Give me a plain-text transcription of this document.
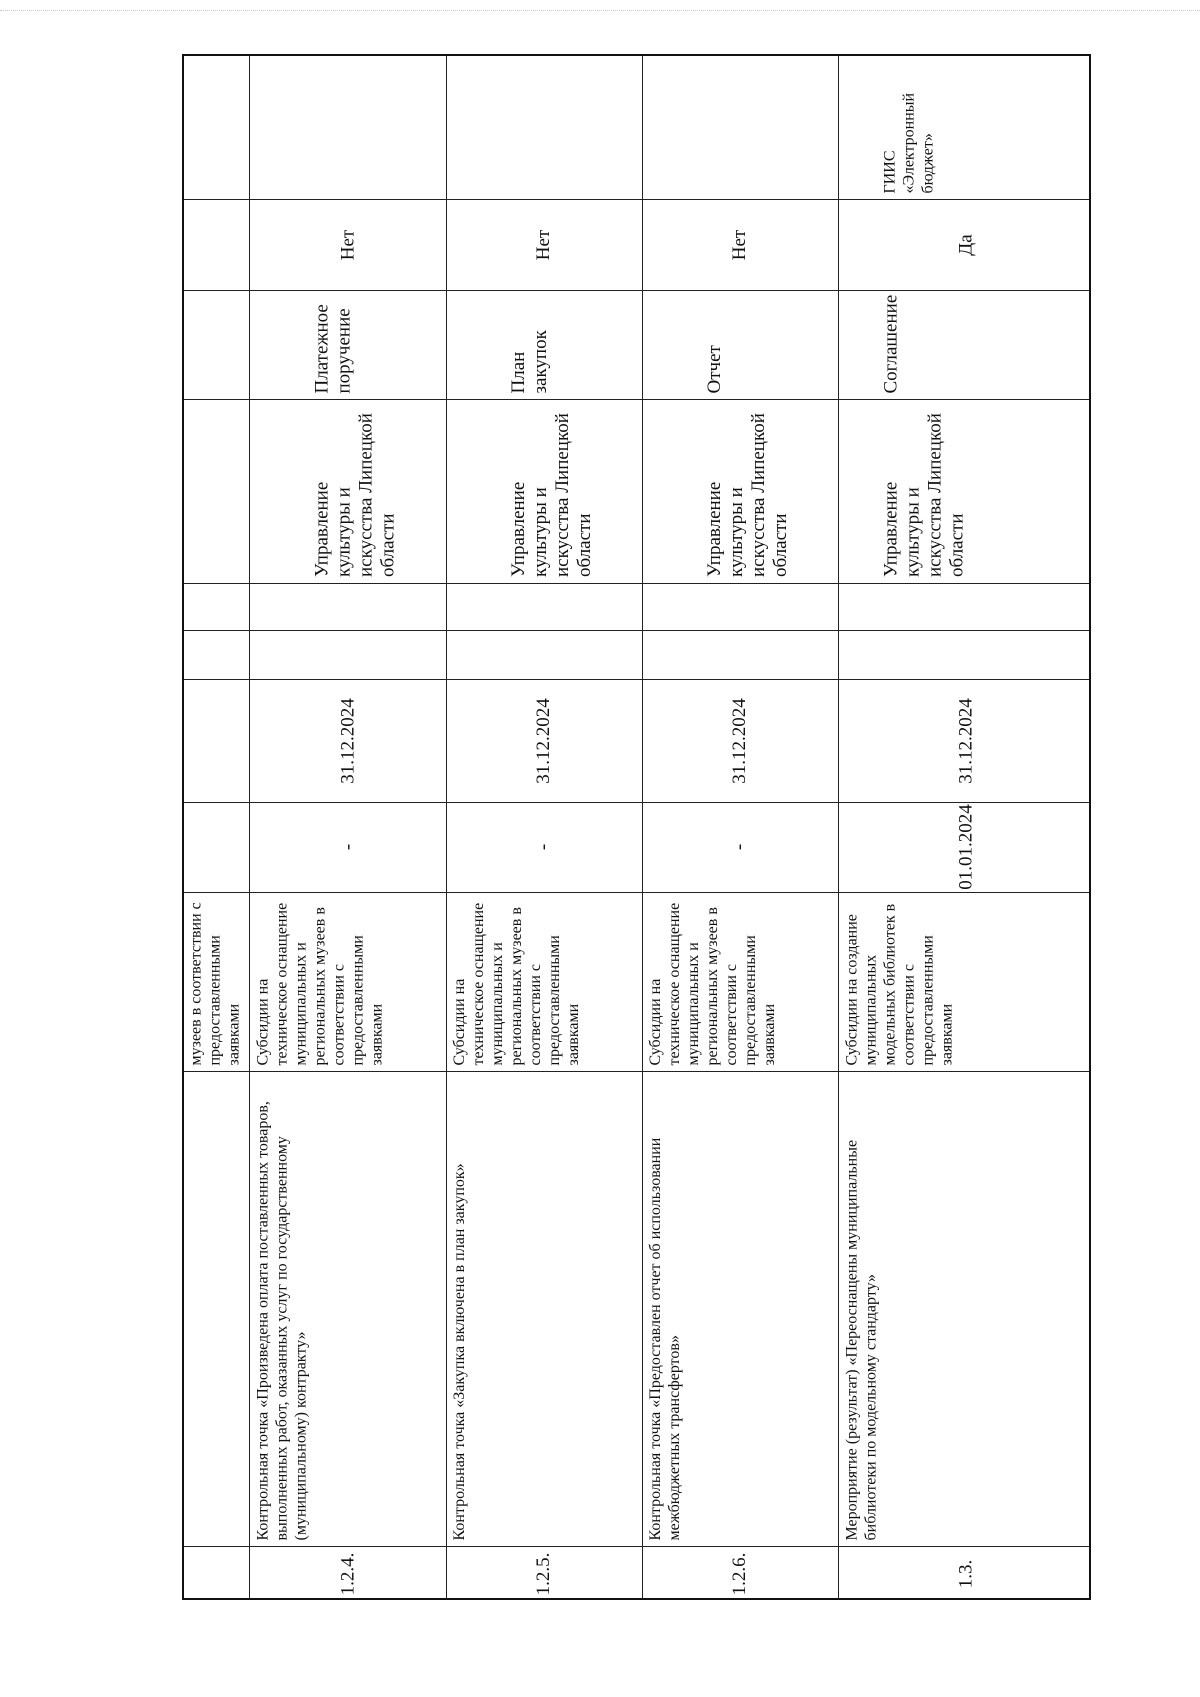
музеев в соответствии с предоставленными заявками
Нет
Платежное поручение
Управление культуры и искусства Липецкой области
31.12.2024
-
Субсидии на техническое оснащение муниципальных и региональных музеев в соответствии с предоставленными заявками
Контрольная точка «Произведена оплата поставленных товаров, выполненных работ, оказанных услуг по государственному (муниципальному) контракту»
1.2.4.
Нет
План закупок
Управление культуры и искусства Липецкой области
31.12.2024
-
Субсидии на техническое оснащение муниципальных и региональных музеев в соответствии с предоставленными заявками
Контрольная точка «Закупка включена в план закупок»
1.2.5.
Нет
Отчет
Управление культуры и искусства Липецкой области
31.12.2024
-
Субсидии на техническое оснащение муниципальных и региональных музеев в соответствии с предоставленными заявками
Контрольная точка «Предоставлен отчет об использовании межбюджетных трансфертов»
1.2.6.
ГИИС «Электронный бюджет»
Да
Соглашение
Управление культуры и искусства Липецкой области
31.12.2024
01.01.2024
Субсидии на создание муниципальных модельных библиотек в соответствии с предоставленными заявками
Мероприятие (результат) «Переоснащены муниципальные библиотеки по модельному стандарту»
1.3.
